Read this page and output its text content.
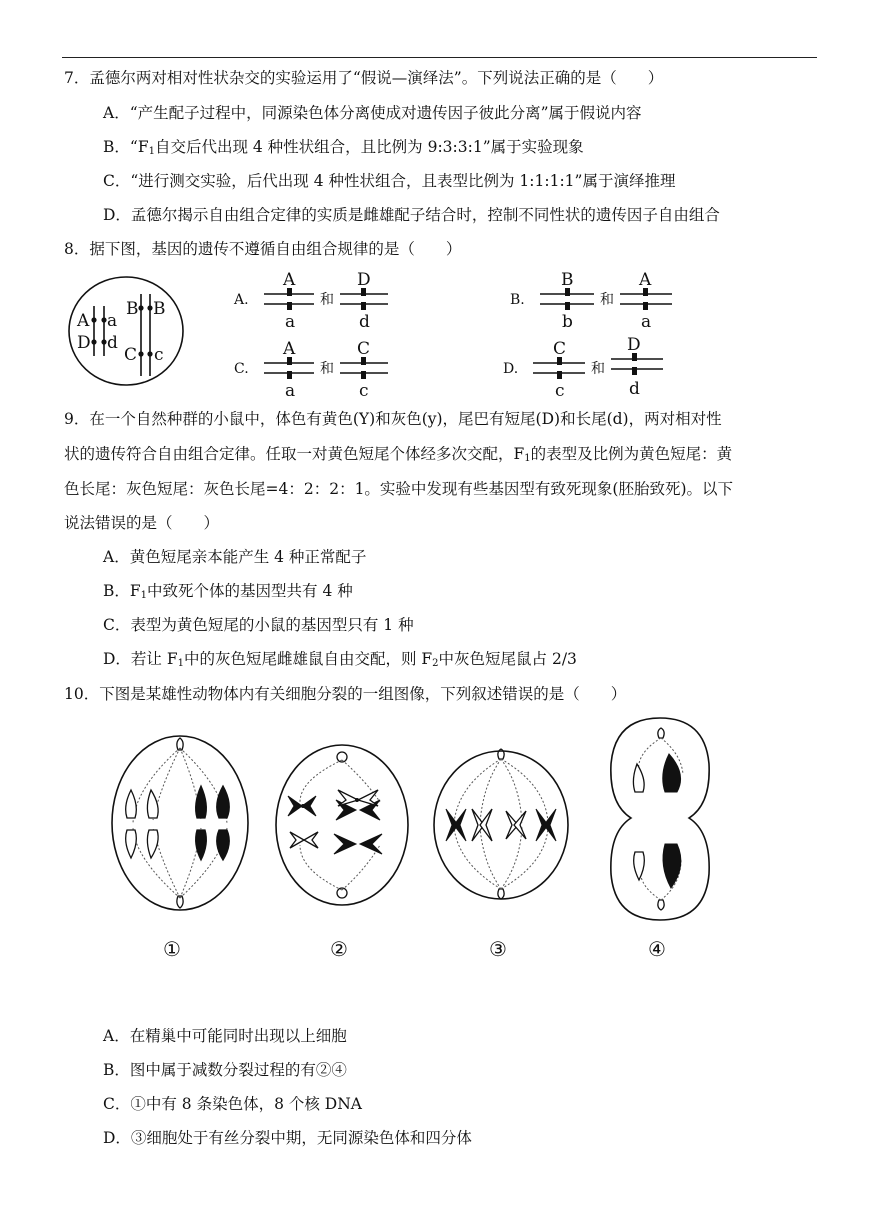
7．孟德尔两对相对性状杂交的实验运用了“假说—演绎法”。下列说法正确的是（　　）
A．“产生配子过程中，同源染色体分离使成对遗传因子彼此分离”属于假说内容
B．“$F_1$自交后代出现 4 种性状组合，且比例为 9:3:3:1”属于实验现象
C．“进行测交实验，后代出现 4 种性状组合，且表型比例为 1:1:1:1”属于演绎推理
D．孟德尔揭示自由组合定律的实质是雌雄配子结合时，控制不同性状的遗传因子自由组合
8．据下图，基因的遗传不遵循自由组合规律的是（　　）
A a
D d
B B
C c
A.
A
a
和
D
d
B.
B
b
和
A
a
C.
A
a
和
C
c
D.
C
c
和
D
d
9．在一个自然种群的小鼠中，体色有黄色(Y)和灰色(y)，尾巴有短尾(D)和长尾(d)，两对相对性
状的遗传符合自由组合定律。任取一对黄色短尾个体经多次交配，$F_1$的表型及比例为黄色短尾：黄
色长尾：灰色短尾：灰色长尾=4：2：2：1。实验中发现有些基因型有致死现象(胚胎致死)。以下
说法错误的是（　　）
A．黄色短尾亲本能产生 4 种正常配子
B．$F_1$中致死个体的基因型共有 4 种
C．表型为黄色短尾的小鼠的基因型只有 1 种
D．若让 $F_1$中的灰色短尾雌雄鼠自由交配，则 $F_2$中灰色短尾鼠占 2/3
10．下图是某雄性动物体内有关细胞分裂的一组图像，下列叙述错误的是（　　）
①	②	③	④
A．在精巢中可能同时出现以上细胞
B．图中属于减数分裂过程的有②④
C．①中有 8 条染色体，8 个核 DNA
D．③细胞处于有丝分裂中期，无同源染色体和四分体
